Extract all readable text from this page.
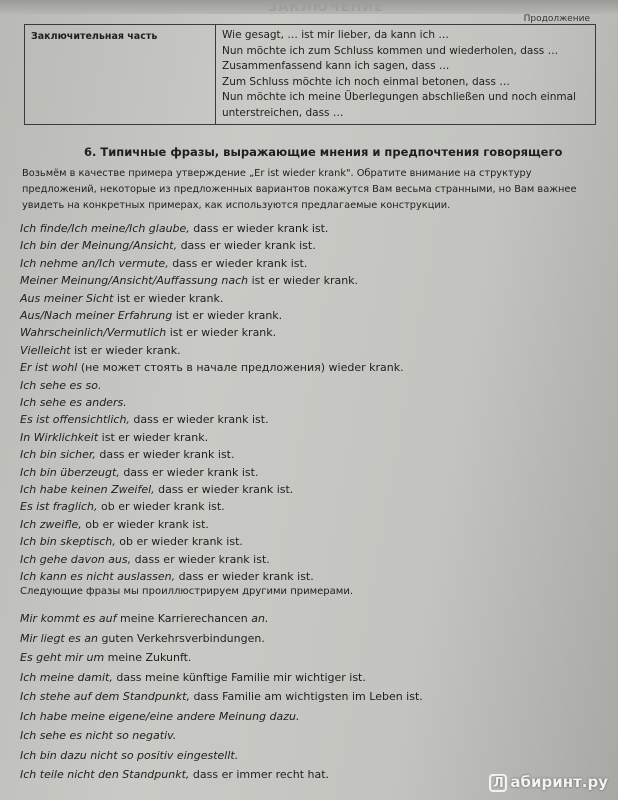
ЗАКЛЮЧЕНИЕ
Продолжение
Заключительная часть	Wie gesagt, … ist mir lieber, da kann ich …
Nun möchte ich zum Schluss kommen und wiederholen, dass …
Zusammenfassend kann ich sagen, dass …
Zum Schluss möchte ich noch einmal betonen, dass …
Nun möchte ich meine Überlegungen abschließen und noch einmal
unterstreichen, dass …
6. Типичные фразы, выражающие мнения и предпочтения говорящего
Возьмём в качестве примера утверждение „Er ist wieder krank". Обратите внимание на структуру предложений, некоторые из предложенных вариантов покажутся Вам весьма странными, но Вам важнее увидеть на конкретных примерах, как используются предлагаемые конструкции.
Ich finde/Ich meine/Ich glaube, dass er wieder krank ist.
Ich bin der Meinung/Ansicht, dass er wieder krank ist.
Ich nehme an/Ich vermute, dass er wieder krank ist.
Meiner Meinung/Ansicht/Auffassung nach ist er wieder krank.
Aus meiner Sicht ist er wieder krank.
Aus/Nach meiner Erfahrung ist er wieder krank.
Wahrscheinlich/Vermutlich ist er wieder krank.
Vielleicht ist er wieder krank.
Er ist wohl (не может стоять в начале предложения) wieder krank.
Ich sehe es so.
Ich sehe es anders.
Es ist offensichtlich, dass er wieder krank ist.
In Wirklichkeit ist er wieder krank.
Ich bin sicher, dass er wieder krank ist.
Ich bin überzeugt, dass er wieder krank ist.
Ich habe keinen Zweifel, dass er wieder krank ist.
Es ist fraglich, ob er wieder krank ist.
Ich zweifle, ob er wieder krank ist.
Ich bin skeptisch, ob er wieder krank ist.
Ich gehe davon aus, dass er wieder krank ist.
Ich kann es nicht auslassen, dass er wieder krank ist.
Следующие фразы мы проиллюстрируем другими примерами.
Mir kommt es auf meine Karrierechancen an.
Mir liegt es an guten Verkehrsverbindungen.
Es geht mir um meine Zukunft.
Ich meine damit, dass meine künftige Familie mir wichtiger ist.
Ich stehe auf dem Standpunkt, dass Familie am wichtigsten im Leben ist.
Ich habe meine eigene/eine andere Meinung dazu.
Ich sehe es nicht so negativ.
Ich bin dazu nicht so positiv eingestellt.
Ich teile nicht den Standpunkt, dass er immer recht hat.
Л абиринт.ру
